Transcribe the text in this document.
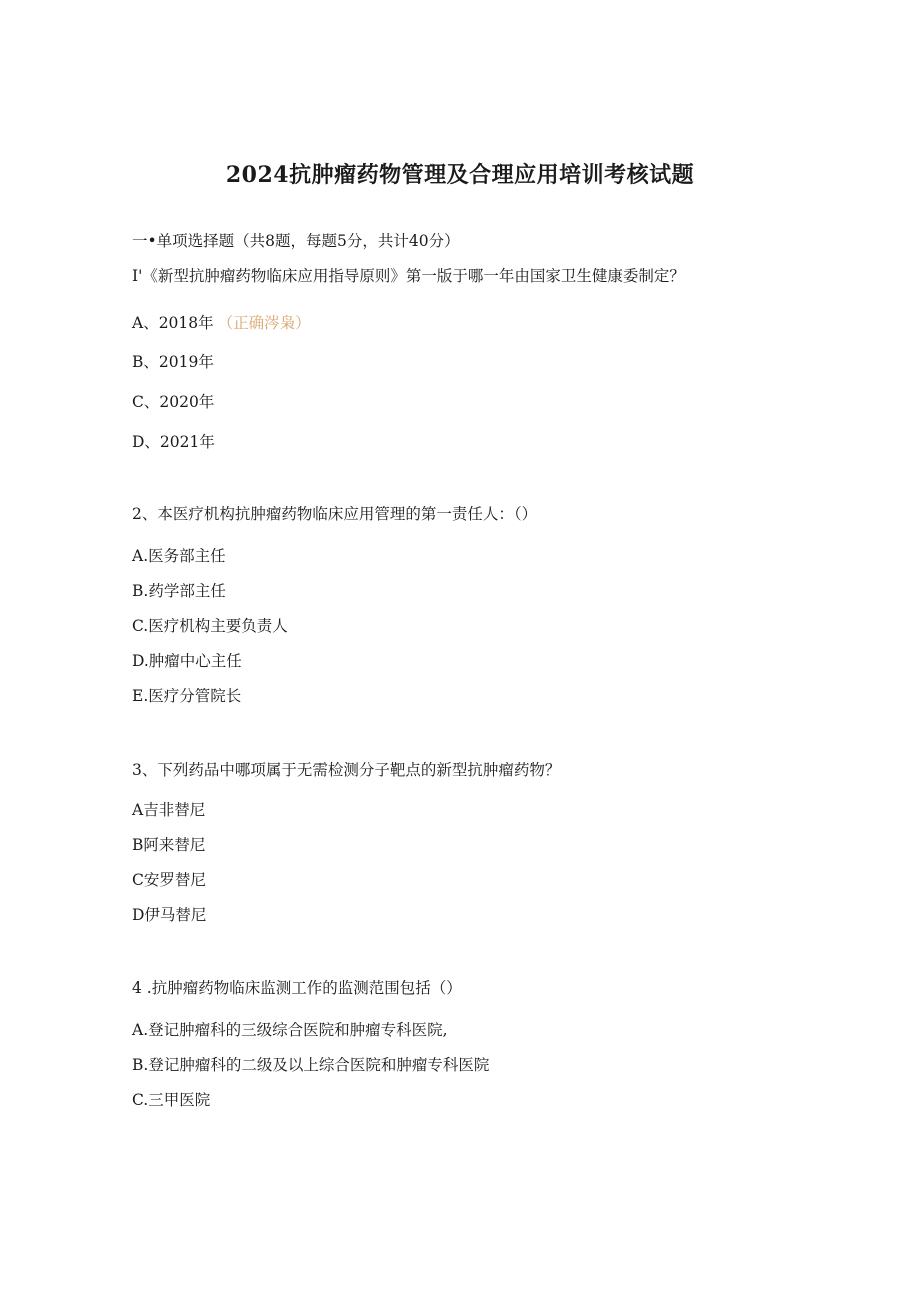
2024抗肿瘤药物管理及合理应用培训考核试题
一•单项选择题（共8题，每题5分，共计40分）
I'《新型抗肿瘤药物临床应用指导原则》第一版于哪一年由国家卫生健康委制定？
A、2018年 （正确涔枭）
B、2019年
C、2020年
D、2021年
2、本医疗机构抗肿瘤药物临床应用管理的第一责任人：（）
A.医务部主任
B.药学部主任
C.医疗机构主要负责人
D.肿瘤中心主任
E.医疗分管院长
3、下列药品中哪项属于无需检测分子靶点的新型抗肿瘤药物？
A吉非替尼
B阿来替尼
C安罗替尼
D伊马替尼
4 .抗肿瘤药物临床监测工作的监测范围包括（）
A.登记肿瘤科的三级综合医院和肿瘤专科医院,
B.登记肿瘤科的二级及以上综合医院和肿瘤专科医院
C.三甲医院
